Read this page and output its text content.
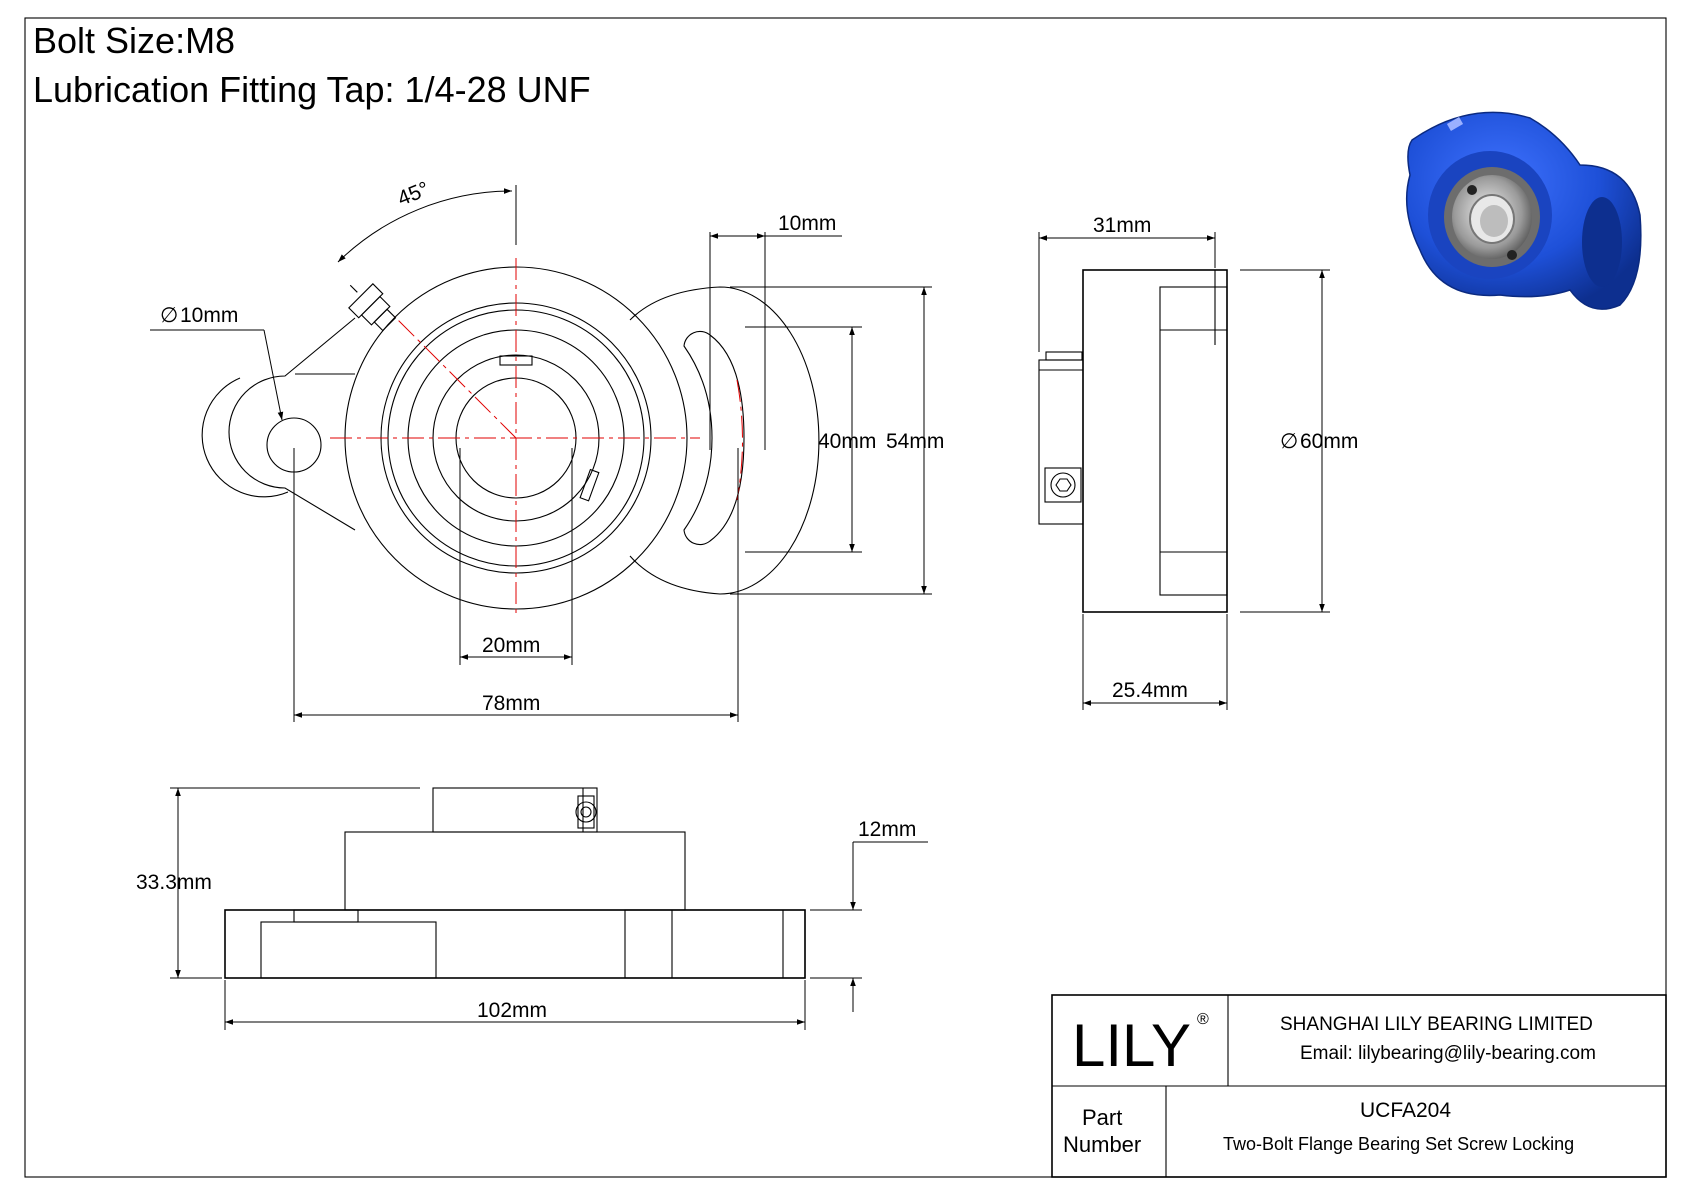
Bolt Size:M8
Lubrication Fitting Tap: 1/4-28 UNF
45°
∅ 10mm
10mm
40mm 54mm
20mm
78mm
31mm
∅ 60mm
25.4mm
33.3mm
12mm
102mm
LILY ®	SHANGHAI LILY BEARING LIMITED
Email: lilybearing@lily-bearing.com
Part
Number
UCFA204
Two-Bolt Flange Bearing Set Screw Locking
